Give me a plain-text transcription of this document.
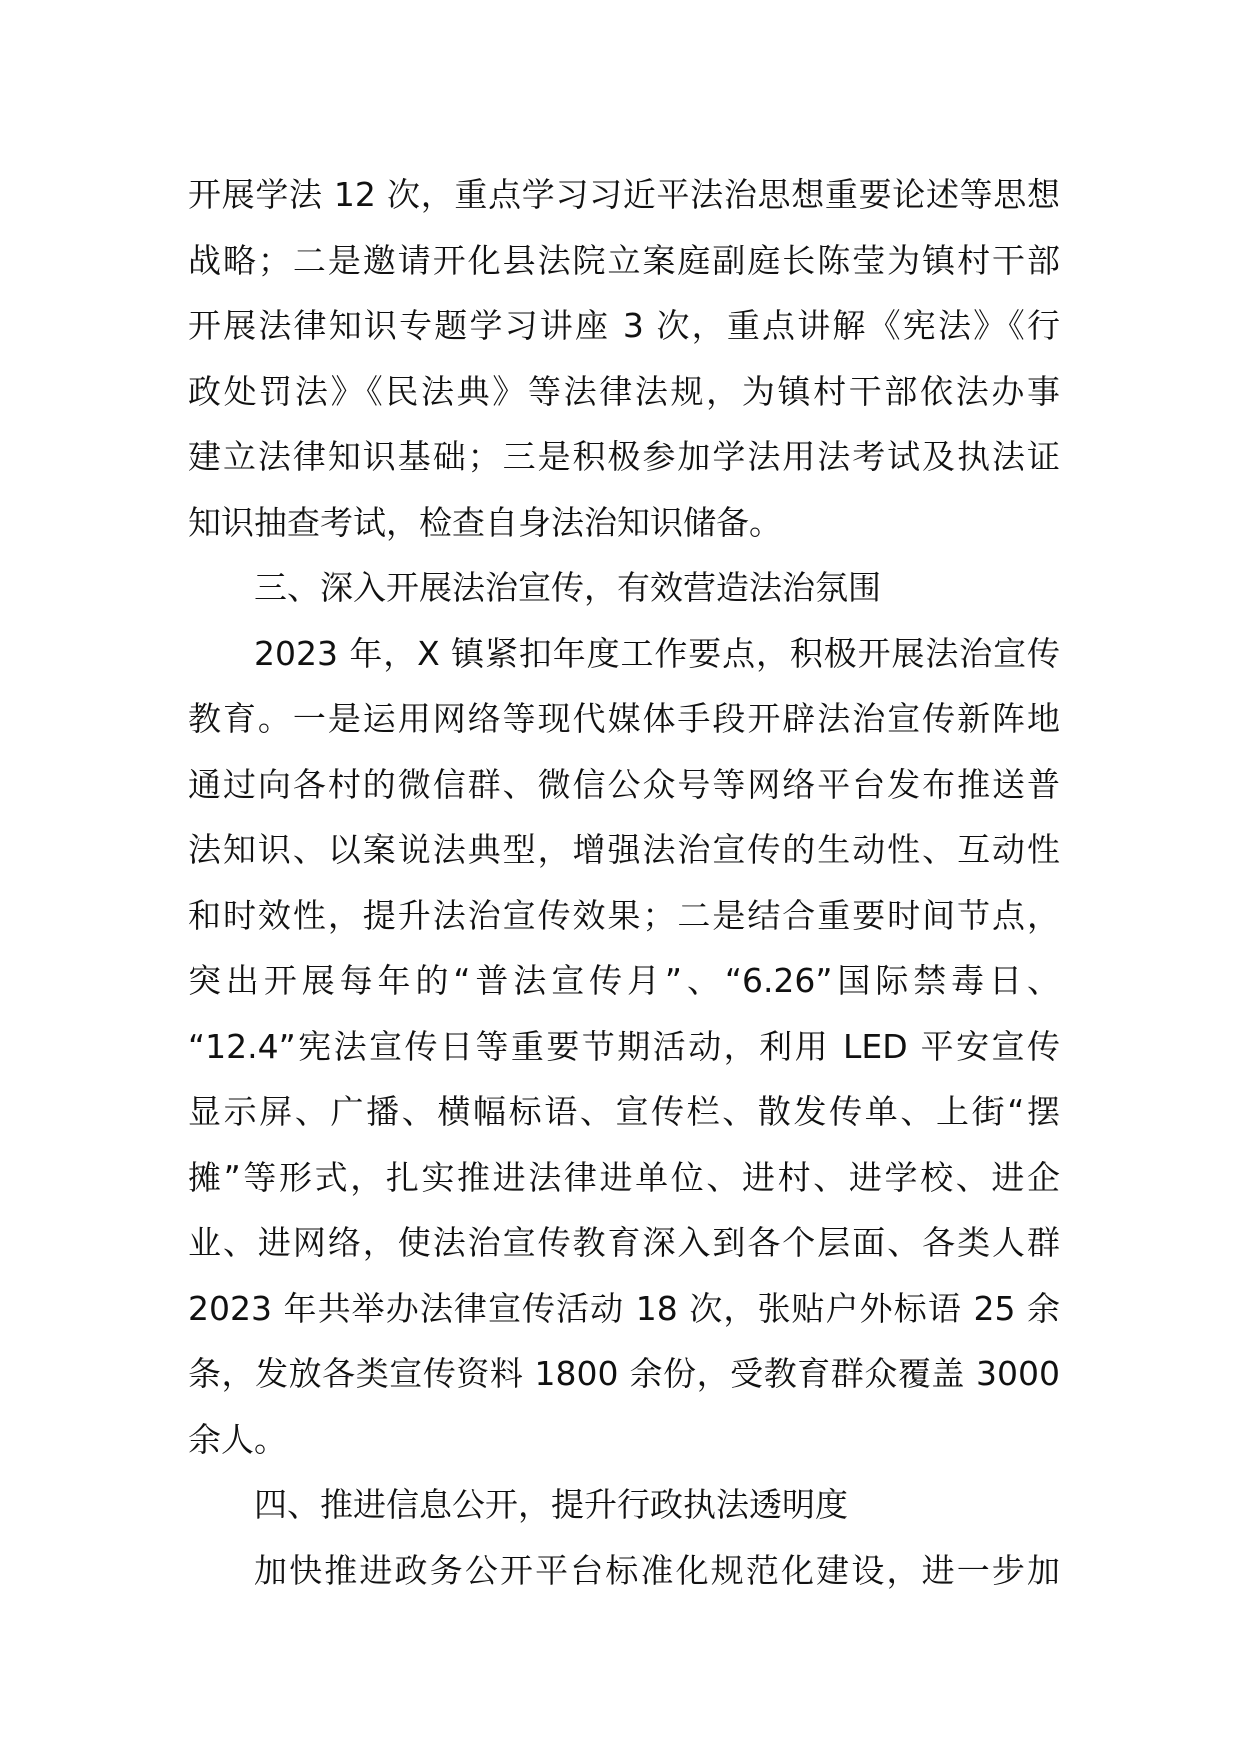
开展学法 12 次，重点学习习近平法治思想重要论述等思想
战略；二是邀请开化县法院立案庭副庭长陈莹为镇村干部
开展法律知识专题学习讲座 3 次，重点讲解《宪法》《行
政处罚法》《民法典》等法律法规，为镇村干部依法办事
建立法律知识基础；三是积极参加学法用法考试及执法证
知识抽查考试，检查自身法治知识储备。
三、深入开展法治宣传，有效营造法治氛围
2023 年，X 镇紧扣年度工作要点，积极开展法治宣传
教育。一是运用网络等现代媒体手段开辟法治宣传新阵地
通过向各村的微信群、微信公众号等网络平台发布推送普
法知识、以案说法典型，增强法治宣传的生动性、互动性
和时效性，提升法治宣传效果；二是结合重要时间节点，
突出开展每年的“普法宣传月”、“6.26”国际禁毒日、
“12.4”宪法宣传日等重要节期活动，利用 LED 平安宣传
显示屏、广播、横幅标语、宣传栏、散发传单、上街“摆
摊”等形式，扎实推进法律进单位、进村、进学校、进企
业、进网络，使法治宣传教育深入到各个层面、各类人群
2023 年共举办法律宣传活动 18 次，张贴户外标语 25 余
条，发放各类宣传资料 1800 余份，受教育群众覆盖 3000
余人。
四、推进信息公开，提升行政执法透明度
加快推进政务公开平台标准化规范化建设，进一步加
